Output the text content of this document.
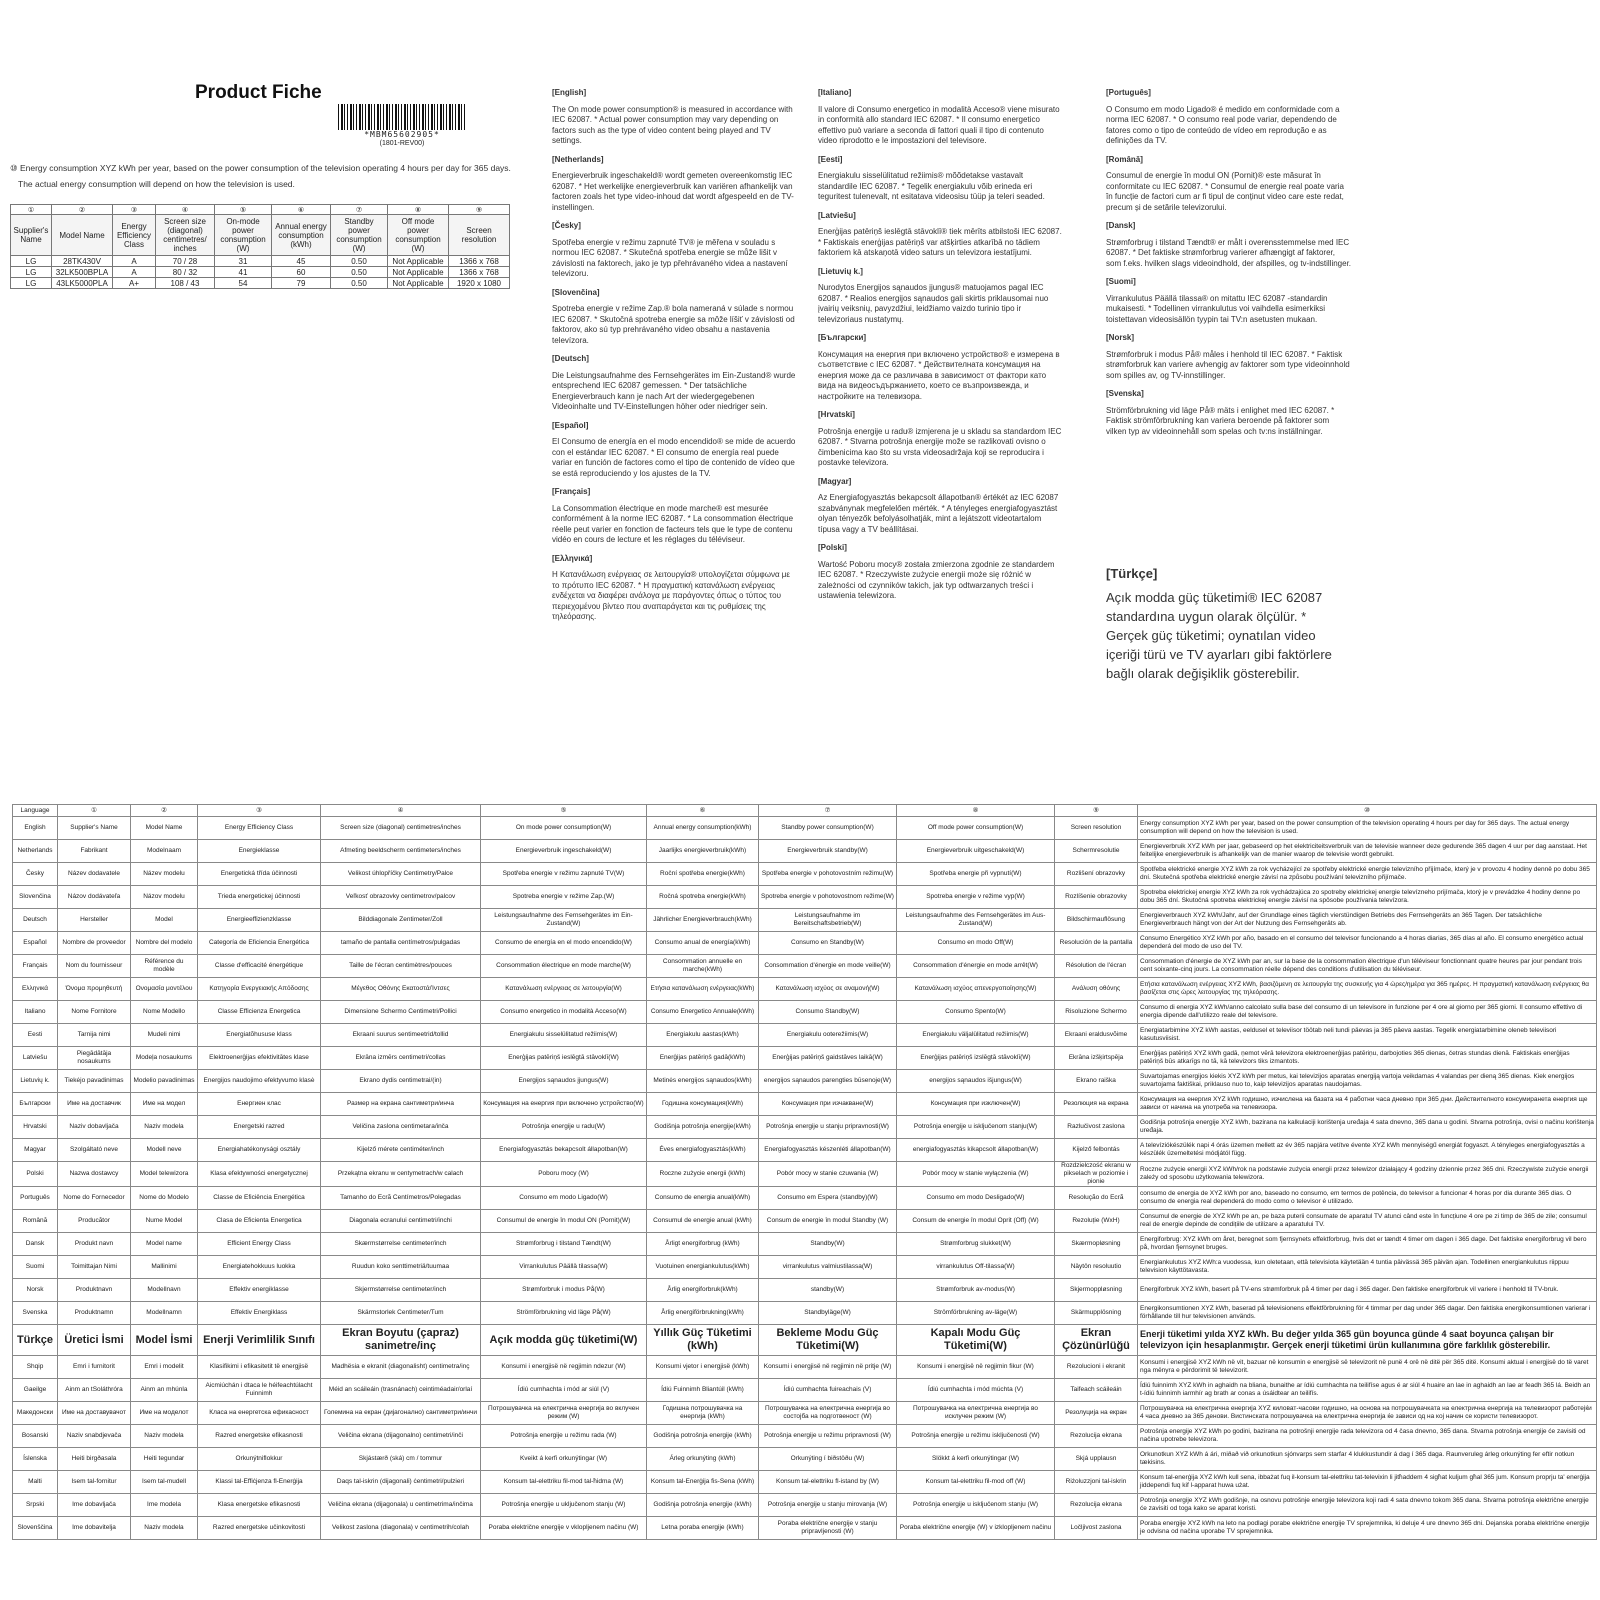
Product Fiche
*MBM65602905*
(1801-REV00)
⑩ Energy consumption XYZ kWh per year, based on the power consumption of the television operating 4 hours per day for 365 days.
The actual energy consumption will depend on how the television is used.
①	②	③	④	⑤	⑥	⑦	⑧	⑨
Supplier's Name	Model Name	Energy Efficiency Class	Screen size (diagonal) centimetres/ inches	On-mode power consumption (W)	Annual energy consumption (kWh)	Standby power consumption (W)	Off mode power consumption (W)	Screen resolution
LG	28TK430V	A	70 / 28	31	45	0.50	Not Applicable	1366 x 768
LG	32LK500BPLA	A	80 / 32	41	60	0.50	Not Applicable	1366 x 768
LG	43LK5000PLA	A+	108 / 43	54	79	0.50	Not Applicable	1920 x 1080
[English]
The On mode power consumption® is measured in accordance with IEC 62087. * Actual power consumption may vary depending on factors such as the type of video content being played and TV settings.
[Netherlands]
Energieverbruik ingeschakeld® wordt gemeten overeenkomstig IEC 62087. * Het werkelijke energieverbruik kan variëren afhankelijk van factoren zoals het type video-inhoud dat wordt afgespeeld en de TV-instellingen.
[Česky]
Spotřeba energie v režimu zapnuté TV® je měřena v souladu s normou IEC 62087. * Skutečná spotřeba energie se může lišit v závislosti na faktorech, jako je typ přehrávaného videa a nastavení televizoru.
[Slovenčina]
Spotreba energie v režime Zap.® bola nameraná v súlade s normou IEC 62087. * Skutočná spotreba energie sa môže líšiť v závislosti od faktorov, ako sú typ prehrávaného video obsahu a nastavenia televízora.
[Deutsch]
Die Leistungsaufnahme des Fernsehgerätes im Ein-Zustand® wurde entsprechend IEC 62087 gemessen. * Der tatsächliche Energieverbrauch kann je nach Art der wiedergegebenen Videoinhalte und TV-Einstellungen höher oder niedriger sein.
[Español]
El Consumo de energía en el modo encendido® se mide de acuerdo con el estándar IEC 62087. * El consumo de energía real puede variar en función de factores como el tipo de contenido de vídeo que se está reproduciendo y los ajustes de la TV.
[Français]
La Consommation électrique en mode marche® est mesurée conformément à la norme IEC 62087. * La consommation électrique réelle peut varier en fonction de facteurs tels que le type de contenu vidéo en cours de lecture et les réglages du téléviseur.
[Ελληνικά]
Η Κατανάλωση ενέργειας σε λειτουργία® υπολογίζεται σύμφωνα με το πρότυπο IEC 62087. * Η πραγματική κατανάλωση ενέργειας ενδέχεται να διαφέρει ανάλογα με παράγοντες όπως ο τύπος του περιεχομένου βίντεο που αναπαράγεται και τις ρυθμίσεις της τηλεόρασης.
[Italiano]
Il valore di Consumo energetico in modalità Acceso® viene misurato in conformità allo standard IEC 62087. * Il consumo energetico effettivo può variare a seconda di fattori quali il tipo di contenuto video riprodotto e le impostazioni del televisore.
[Eesti]
Energiakulu sisselülitatud režiimis® mõõdetakse vastavalt standardile IEC 62087. * Tegelik energiakulu võib erineda eri teguritest tulenevalt, nt esitatava videosisu tüüp ja teleri seaded.
[Latviešu]
Enerģijas patēriņš ieslēgtā stāvoklī® tiek mērīts atbilstoši IEC 62087. * Faktiskais enerģijas patēriņš var atšķirties atkarībā no tādiem faktoriem kā atskaņotā video saturs un televizora iestatījumi.
[Lietuvių k.]
Nurodytos Energijos sąnaudos įjungus® matuojamos pagal IEC 62087. * Realios energijos sąnaudos gali skirtis priklausomai nuo įvairių veiksnių, pavyzdžiui, leidžiamo vaizdo turinio tipo ir televizoriaus nustatymų.
[Български]
Консумация на енергия при включено устройство® е измерена в съответствие с IEC 62087. * Действителната консумация на енергия може да се различава в зависимост от фактори като вида на видеосъдържанието, което се възпроизвежда, и настройките на телевизора.
[Hrvatski]
Potrošnja energije u radu® izmjerena je u skladu sa standardom IEC 62087. * Stvarna potrošnja energije može se razlikovati ovisno o čimbenicima kao što su vrsta videosadržaja koji se reproducira i postavke televizora.
[Magyar]
Az Energiafogyasztás bekapcsolt állapotban® értékét az IEC 62087 szabványnak megfelelően mérték. * A tényleges energiafogyasztást olyan tényezők befolyásolhatják, mint a lejátszott videotartalom típusa vagy a TV beállításai.
[Polski]
Wartość Poboru mocy® została zmierzona zgodnie ze standardem IEC 62087. * Rzeczywiste zużycie energii może się różnić w zależności od czynników takich, jak typ odtwarzanych treści i ustawienia telewizora.
[Português]
O Consumo em modo Ligado® é medido em conformidade com a norma IEC 62087. * O consumo real pode variar, dependendo de fatores como o tipo de conteúdo de vídeo em reprodução e as definições da TV.
[Română]
Consumul de energie în modul ON (Pornit)® este măsurat în conformitate cu IEC 62087. * Consumul de energie real poate varia în funcție de factori cum ar fi tipul de conținut video care este redat, precum și de setările televizorului.
[Dansk]
Strømforbrug i tilstand Tændt® er målt i overensstemmelse med IEC 62087. * Det faktiske strømforbrug varierer afhængigt af faktorer, som f.eks. hvilken slags videoindhold, der afspilles, og tv-indstillinger.
[Suomi]
Virrankulutus Päällä tilassa® on mitattu IEC 62087 -standardin mukaisesti. * Todellinen virrankulutus voi vaihdella esimerkiksi toistettavan videosisällön tyypin tai TV:n asetusten mukaan.
[Norsk]
Strømforbruk i modus På® måles i henhold til IEC 62087. * Faktisk strømforbruk kan variere avhengig av faktorer som type videoinnhold som spilles av, og TV-innstillinger.
[Svenska]
Strömförbrukning vid läge På® mäts i enlighet med IEC 62087. * Faktisk strömförbrukning kan variera beroende på faktorer som vilken typ av videoinnehåll som spelas och tv:ns inställningar.
[Türkçe]
Açık modda güç tüketimi® IEC 62087 standardına uygun olarak ölçülür. * Gerçek güç tüketimi; oynatılan video içeriği türü ve TV ayarları gibi faktörlere bağlı olarak değişiklik gösterebilir.
Language	①	②	③	④	⑤	⑥	⑦	⑧	⑨	⑩
English	Supplier's Name	Model Name	Energy Efficiency Class	Screen size (diagonal) centimetres/inches	On mode power consumption(W)	Annual energy consumption(kWh)	Standby power consumption(W)	Off mode power consumption(W)	Screen resolution	Energy consumption XYZ kWh per year, based on the power consumption of the television operating 4 hours per day for 365 days. The actual energy consumption will depend on how the television is used.
Netherlands	Fabrikant	Modelnaam	Energieklasse	Afmeting beeldscherm centimeters/inches	Energieverbruik ingeschakeld(W)	Jaarlijks energieverbruik(kWh)	Energieverbruik standby(W)	Energieverbruik uitgeschakeld(W)	Schermresolutie	Energieverbruik XYZ kWh per jaar, gebaseerd op het elektriciteitsverbruik van de televisie wanneer deze gedurende 365 dagen 4 uur per dag aanstaat. Het feitelijke energieverbruik is afhankelijk van de manier waarop de televisie wordt gebruikt.
Česky	Název dodavatele	Název modelu	Energetická třída účinnosti	Velikost úhlopříčky Centimetry/Palce	Spotřeba energie v režimu zapnuté TV(W)	Roční spotřeba energie(kWh)	Spotřeba energie v pohotovostním režimu(W)	Spotřeba energie při vypnutí(W)	Rozlišení obrazovky	Spotřeba elektrické energie XYZ kWh za rok vycházející ze spotřeby elektrické energie televizního přijímače, který je v provozu 4 hodiny denně po dobu 365 dní. Skutečná spotřeba elektrické energie závisí na způsobu používání televizního přijímače.
Slovenčina	Názov dodávateľa	Názov modelu	Trieda energetickej účinnosti	Veľkosť obrazovky centimetrov/palcov	Spotreba energie v režime Zap.(W)	Ročná spotreba energie(kWh)	Spotreba energie v pohotovostnom režime(W)	Spotreba energie v režime vyp(W)	Rozlíšenie obrazovky	Spotreba elektrickej energie XYZ kWh za rok vychádzajúca zo spotreby elektrickej energie televízneho prijímača, ktorý je v prevádzke 4 hodiny denne po dobu 365 dní. Skutočná spotreba elektrickej energie závisí na spôsobe používania televízora.
Deutsch	Hersteller	Model	Energieeffizienzklasse	Bilddiagonale Zentimeter/Zoll	Leistungsaufnahme des Fernsehgerätes im Ein-Zustand(W)	Jährlicher Energieverbrauch(kWh)	Leistungsaufnahme im Bereitschaftsbetrieb(W)	Leistungsaufnahme des Fernsehgerätes im Aus-Zustand(W)	Bildschirmauflösung	Energieverbrauch XYZ kWh/Jahr, auf der Grundlage eines täglich vierstündigen Betriebs des Fernsehgeräts an 365 Tagen. Der tatsächliche Energieverbrauch hängt von der Art der Nutzung des Fernsehgeräts ab.
Español	Nombre de proveedor	Nombre del modelo	Categoría de Eficiencia Energética	tamaño de pantalla centímetros/pulgadas	Consumo de energía en el modo encendido(W)	Consumo anual de energía(kWh)	Consumo en Standby(W)	Consumo en modo Off(W)	Resolución de la pantalla	Consumo Energético XYZ kWh por año, basado en el consumo del televisor funcionando a 4 horas diarias, 365 días al año. El consumo energético actual dependerá del modo de uso del TV.
Français	Nom du fournisseur	Référence du modèle	Classe d'efficacité énergétique	Taille de l'écran centimètres/pouces	Consommation électrique en mode marche(W)	Consommation annuelle en marche(kWh)	Consommation d'énergie en mode veille(W)	Consommation d'énergie en mode arrêt(W)	Résolution de l'écran	Consommation d'énergie de XYZ kWh par an, sur la base de la consommation électrique d'un téléviseur fonctionnant quatre heures par jour pendant trois cent soixante-cinq jours. La consommation réelle dépend des conditions d'utilisation du téléviseur.
Ελληνικά	Όνομα προμηθευτή	Ονομασία μοντέλου	Κατηγορία Ενεργειακής Απόδοσης	Μέγεθος Οθόνης Εκατοστά/Ίντσες	Κατανάλωση ενέργειας σε λειτουργία(W)	Ετήσια κατανάλωση ενέργειας(kWh)	Κατανάλωση ισχύος σε αναμονή(W)	Κατανάλωση ισχύος απενεργοποίησης(W)	Ανάλυση οθόνης	Ετήσια κατανάλωση ενέργειας XYZ kWh, βασιζόμενη σε λειτουργία της συσκευής για 4 ώρες/ημέρα για 365 ημέρες. Η πραγματική κατανάλωση ενέργειας θα βασίζεται στις ώρες λειτουργίας της τηλεόρασης.
Italiano	Nome Fornitore	Nome Modello	Classe Efficienza Energetica	Dimensione Schermo Centimetri/Pollici	Consumo energetico in modalità Acceso(W)	Consumo Energetico Annuale(kWh)	Consumo Standby(W)	Consumo Spento(W)	Risoluzione Schermo	Consumo di energia XYZ kWh/anno calcolato sulla base del consumo di un televisore in funzione per 4 ore al giorno per 365 giorni. Il consumo effettivo di energia dipende dall'utilizzo reale del televisore.
Eesti	Tarnija nimi	Mudeli nimi	Energiatõhususe klass	Ekraani suurus sentimeetrid/tollid	Energiakulu sisselülitatud režiimis(W)	Energiakulu aastas(kWh)	Energiakulu ooterežiimis(W)	Energiakulu väljalülitatud režiimis(W)	Ekraani eraldusvõime	Energiatarbimine XYZ kWh aastas, eeldusel et televiisor töötab neli tundi päevas ja 365 päeva aastas. Tegelik energiatarbimine oleneb televiisori kasutusviisist.
Latviešu	Piegādātāja nosaukums	Modeļa nosaukums	Elektroenerģijas efektivitātes klase	Ekrāna izmērs centimetri/collas	Enerģijas patēriņš ieslēgtā stāvoklī(W)	Enerģijas patēriņš gadā(kWh)	Enerģijas patēriņš gaidstāves laikā(W)	Enerģijas patēriņš izslēgtā stāvoklī(W)	Ekrāna izšķirtspēja	Enerģijas patēriņš XYZ kWh gadā, ņemot vērā televizora elektroenerģijas patēriņu, darbojoties 365 dienas, četras stundas dienā. Faktiskais enerģijas patēriņš būs atkarīgs no tā, kā televizors tiks izmantots.
Lietuvių k.	Tiekėjo pavadinimas	Modelio pavadinimas	Energijos naudojimo efektyvumo klasė	Ekrano dydis centimetrai/(in)	Energijos sąnaudos įjungus(W)	Metinės energijos sąnaudos(kWh)	energijos sąnaudos parengties būsenoje(W)	energijos sąnaudos išjungus(W)	Ekrano raiška	Suvartojamas energijos kiekis XYZ kWh per metus, kai televizijos aparatas energiją vartoja veikdamas 4 valandas per dieną 365 dienas. Kiek energijos suvartojama faktiškai, priklauso nuo to, kaip televizijos aparatas naudojamas.
Български	Име на доставчик	Име на модел	Енергиен клас	Размер на екрана сантиметри/инча	Консумация на енергия при включено устройство(W)	Годишна консумация(kWh)	Консумация при изчакване(W)	Консумация при изключен(W)	Резолюция на екрана	Консумация на енергия XYZ kWh годишно, изчислена на базата на 4 работни часа дневно при 365 дни. Действителното консумиранета енергия ще зависи от начина на употреба на телевизора.
Hrvatski	Naziv dobavljača	Naziv modela	Energetski razred	Veličina zaslona centimetara/inča	Potrošnja energije u radu(W)	Godišnja potrošnja energije(kWh)	Potrošnja energije u stanju pripravnosti(W)	Potrošnja energije u isključenom stanju(W)	Razlučivost zaslona	Godišnja potrošnja energije XYZ kWh, bazirana na kalkulaciji korištenja uređaja 4 sata dnevno, 365 dana u godini. Stvarna potrošnja, ovisi o načinu korištenja uređaja.
Magyar	Szolgáltató neve	Modell neve	Energiahatékonysági osztály	Kijelző mérete centiméter/inch	Energiafogyasztás bekapcsolt állapotban(W)	Éves energiafogyasztás(kWh)	Energiafogyasztás készenléti állapotban(W)	energiafogyasztás kikapcsolt állapotban(W)	Kijelző felbontás	A televíziókészülék napi 4 órás üzemen mellett az év 365 napjára vetítve évente XYZ kWh mennyiségű energiát fogyaszt. A tényleges energiafogyasztás a készülék üzemeltetési módjától függ.
Polski	Nazwa dostawcy	Model telewizora	Klasa efektywności energetycznej	Przekątna ekranu w centymetrach/w calach	Poboru mocy (W)	Roczne zużycie energii (kWh)	Pobór mocy w stanie czuwania (W)	Pobór mocy w stanie wyłączenia (W)	Rozdzielczość ekranu w pikselach w poziomie i pionie	Roczne zużycie energii XYZ kWh/rok na podstawie zużycia energii przez telewizor działający 4 godziny dziennie przez 365 dni. Rzeczywiste zużycie energii zależy od sposobu użytkowania telewizora.
Português	Nome do Fornecedor	Nome do Modelo	Classe de Eficiência Energética	Tamanho do Ecrã Centímetros/Polegadas	Consumo em modo Ligado(W)	Consumo de energia anual(kWh)	Consumo em Espera (standby)(W)	Consumo em modo Desligado(W)	Resolução do Ecrã	consumo de energia de XYZ kWh por ano, baseado no consumo, em termos de potência, do televisor a funcionar 4 horas por dia durante 365 dias. O consumo de energia real dependerá do modo como o televisor é utilizado.
Română	Producător	Nume Model	Clasa de Eficienta Energetica	Diagonala ecranului centimetri/inchi	Consumul de energie în modul ON (Pornit)(W)	Consumul de energie anual (kWh)	Consum de energie în modul Standby (W)	Consum de energie în modul Oprit (Off) (W)	Rezoluție (WxH)	Consumul de energie de XYZ kWh pe an, pe baza puterii consumate de aparatul TV atunci când este în funcțiune 4 ore pe zi timp de 365 de zile; consumul real de energie depinde de condițiile de utilizare a aparatului TV.
Dansk	Produkt navn	Model name	Efficient Energy Class	Skærmstørrelse centimeter/inch	Strømforbrug i tilstand Tændt(W)	Årligt energiforbrug (kWh)	Standby(W)	Strømforbrug slukket(W)	Skærmopløsning	Energiforbrug: XYZ kWh om året, beregnet som fjernsynets effektforbrug, hvis det er tændt 4 timer om dagen i 365 dage. Det faktiske energiforbrug vil bero på, hvordan fjernsynet bruges.
Suomi	Toimittajan Nimi	Mallinimi	Energiatehokkuus luokka	Ruudun koko senttimetriä/tuumaa	Virrankulutus Päällä tilassa(W)	Vuotuinen energiankulutus(kWh)	virrankulutus valmiustilassa(W)	virrankulutus Off-tilassa(W)	Näytön resoluutio	Energiankulutus XYZ kWh:a vuodessa, kun oletetaan, että televisiota käytetään 4 tuntia päivässä 365 päivän ajan. Todellinen energiankulutus riippuu television käyttötavasta.
Norsk	Produktnavn	Modellnavn	Effektiv energiklasse	Skjermstørrelse centimeter/inch	Strømforbruk i modus På(W)	Årlig energiforbruk(kWh)	standby(W)	Strømforbruk av-modus(W)	Skjermoppløsning	Energiforbruk XYZ kWh, basert på TV-ens strømforbruk på 4 timer per dag i 365 dager. Den faktiske energiforbruk vil variere i henhold til TV-bruk.
Svenska	Produktnamn	Modellnamn	Effektiv Energiklass	Skärmstorlek Centimeter/Tum	Strömförbrukning vid läge På(W)	Årlig energiförbrukning(kWh)	Standbyläge(W)	Strömförbrukning av-läge(W)	Skärmupplösning	Energikonsumtionen XYZ kWh, baserad på televisionens effektförbrukning för 4 timmar per dag under 365 dagar. Den faktiska energikonsumtionen varierar i förhållande till hur televisionen används.
Türkçe	Üretici İsmi	Model İsmi	Enerji Verimlilik Sınıfı	Ekran Boyutu (çapraz) sanimetre/inç	Açık modda güç tüketimi(W)	Yıllık Güç Tüketimi (kWh)	Bekleme Modu Güç Tüketimi(W)	Kapalı Modu Güç Tüketimi(W)	Ekran Çözünürlüğü	Enerji tüketimi yılda XYZ kWh. Bu değer yılda 365 gün boyunca günde 4 saat boyunca çalışan bir televizyon için hesaplanmıştır. Gerçek enerji tüketimi ürün kullanımına göre farklılık gösterebilir.
Shqip	Emri i furnitorit	Emri i modelit	Klasifikimi i efikasitetit të energjisë	Madhësia e ekranit (diagonalisht) centimetra/inç	Konsumi i energjisë në regjimin ndezur (W)	Konsumi vjetor i energjisë (kWh)	Konsumi i energjisë në regjimin në pritje (W)	Konsumi i energjisë në regjimin fikur (W)	Rezolucioni i ekranit	Konsumi i energjisë XYZ kWh në vit, bazuar në konsumin e energjisë së televizorit në punë 4 orë në ditë për 365 ditë. Konsumi aktual i energjisë do të varet nga mënyra e përdorimit të televizorit.
Gaeilge	Ainm an tSoláthróra	Ainm an mhúnla	Aicmiúchán i dtaca le héifeachtúlacht Fuinnimh	Méid an scáileáin (trasnánach) ceintiméadair/orlaí	Ídiú cumhachta i mód ar siúl (V)	Ídiú Fuinnimh Bliantúil (kWh)	Ídiú cumhachta fuireachais (V)	Ídiú cumhachta i mód múchta (V)	Taifeach scáileáin	Ídiú fuinnimh XYZ kWh in aghaidh na bliana, bunaithe ar ídiú cumhachta na teilifíse agus é ar siúl 4 huaire an lae in aghaidh an lae ar feadh 365 lá. Beidh an t-ídiú fuinnimh iarmhír ag brath ar conas a úsáidtear an teilifís.
Македонски	Име на доставувачот	Име на моделот	Класа на енергетска ефикасност	Големина на екран (дијагонално) сантиметри/инчи	Потрошувачка на електрична енергија во вклучен режим (W)	Годишна потрошувачка на енергија (kWh)	Потрошувачка на електрична енергија во состојба на подготвеност (W)	Потрошувачка на електрична енергија во исклучен режим (W)	Резолуција на екран	Потрошувачка на електрична енергија XYZ киловат-часови годишно, на основа на потрошувачката на електрична енергија на телевизорот работејќи 4 часа дневно за 365 денови. Вистинската потрошувачка на електрична енергија ќе зависи од на кој начин се користи телевизорот.
Bosanski	Naziv snabdjevača	Naziv modela	Razred energetske efikasnosti	Veličina ekrana (dijagonalno) centimetri/inči	Potrošnja energije u režimu rada (W)	Godišnja potrošnja energije (kWh)	Potrošnja energije u režimu pripravnosti (W)	Potrošnja energije u režimu isključenosti (W)	Rezolucija ekrana	Potrošnja energije XYZ kWh po godini, bazirana na potrošnji energije rada televizora od 4 časa dnevno, 365 dana. Stvarna potrošnja energije će zavisiti od načina upotrebe televizora.
Íslenska	Heiti birgðasala	Heiti tegundar	Orkunýtniflokkur	Skjástærð (ská) cm / tommur	Kveikt á kerfi orkunýtingar (W)	Árleg orkunýting (kWh)	Orkunýting í biðstöðu (W)	Slökkt á kerfi orkunýtingar (W)	Skjá upplausn	Orkunotkun XYZ kWh á ári, miðað við orkunotkun sjónvarps sem starfar 4 klukkustundir á dag í 365 daga. Raunveruleg árleg orkunýting fer eftir notkun tækisins.
Malti	Isem tal-fornitur	Isem tal-mudell	Klassi tal-Effiċjenza fl-Enerġija	Daqs tal-iskrin (dijagonali) ċentimetri/pulzieri	Konsum tal-elettriku fil-mod tal-ħidma (W)	Konsum tal-Enerġija fis-Sena (kWh)	Konsum tal-elettriku fl-istand by (W)	Konsum tal-elettriku fil-mod off (W)	Riżoluzzjoni tal-iskrin	Konsum tal-enerġija XYZ kWh kull sena, ibbażat fuq il-konsum tal-elettriku tat-televixin li jitħaddem 4 sigħat kuljum għal 365 jum. Konsum proprju ta' enerġija jiddependi fuq kif l-apparat huwa użat.
Srpski	Ime dobavljača	Ime modela	Klasa energetske efikasnosti	Veličina ekrana (dijagonala) u centimetrima/inčima	Potrošnja energije u uključenom stanju (W)	Godišnja potrošnja energije (kWh)	Potrošnja energije u stanju mirovanja (W)	Potrošnja energije u isključenom stanju (W)	Rezolucija ekrana	Potrošnja energije XYZ kWh godišnje, na osnovu potrošnje energije televizora koji radi 4 sata dnevno tokom 365 dana. Stvarna potrošnja električne energije će zavisiti od toga kako se aparat koristi.
Slovenščina	Ime dobavitelja	Naziv modela	Razred energetske učinkovitosti	Velikost zaslona (diagonala) v centimetrih/colah	Poraba električne energije v vklopljenem načinu (W)	Letna poraba energije (kWh)	Poraba električne energije v stanju pripravljenosti (W)	Poraba električne energije (W) v izklopljenem načinu	Ločljivost zaslona	Poraba energije XYZ kWh na leto na podlagi porabe električne energije TV sprejemnika, ki deluje 4 ure dnevno 365 dni. Dejanska poraba električne energije je odvisna od načina uporabe TV sprejemnika.
